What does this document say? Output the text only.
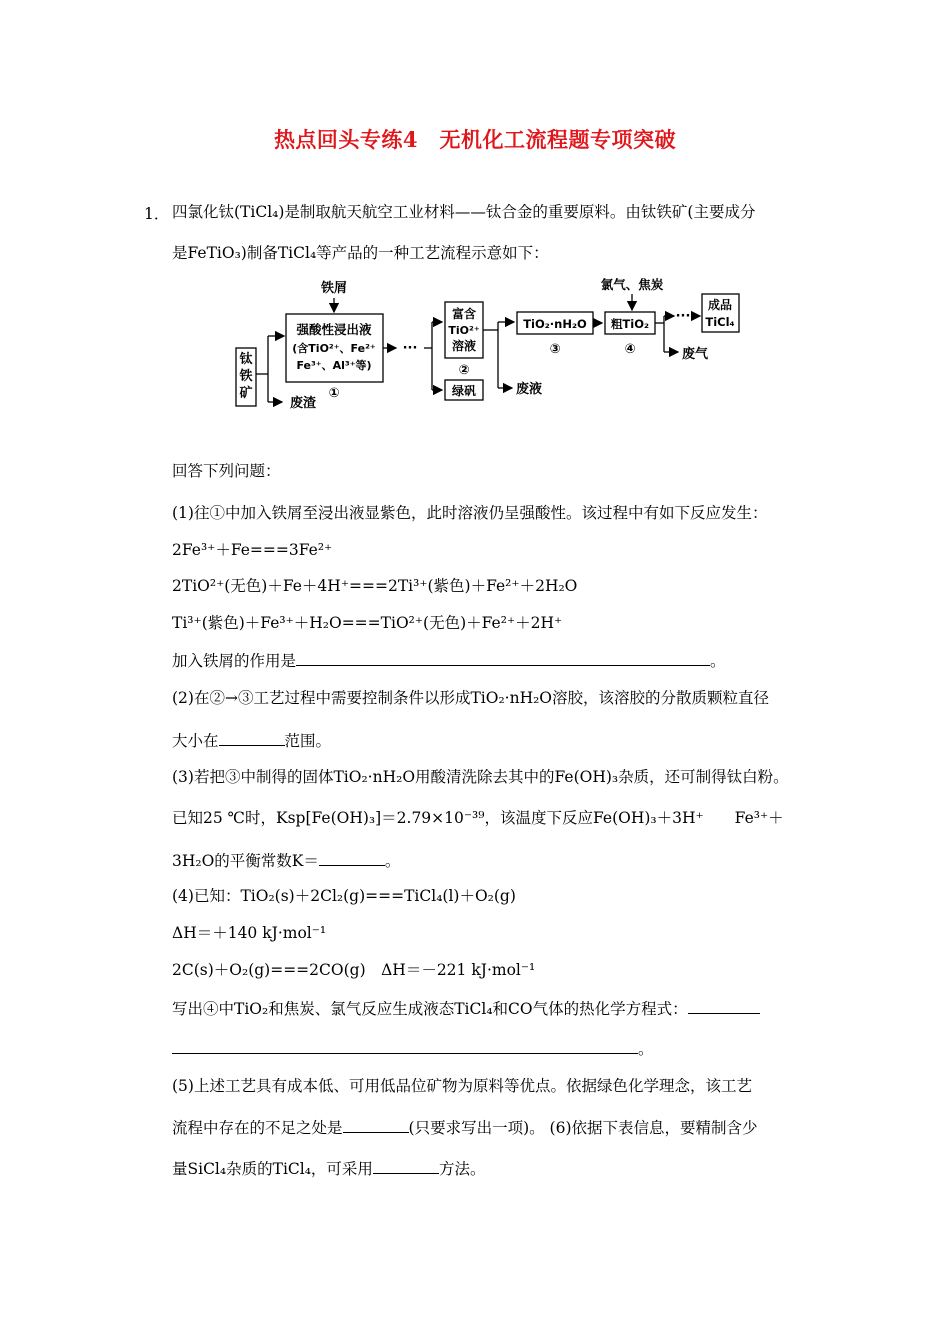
热点回头专练4　无机化工流程题专项突破
1． 四氯化钛(TiCl₄)是制取航天航空工业材料——钛合金的重要原料。由钛铁矿(主要成分
是FeTiO₃)制备TiCl₄等产品的一种工艺流程示意如下：
钛
铁
矿
铁屑
强酸性浸出液
(含TiO²⁺、Fe²⁺
Fe³⁺、Al³⁺等)
①
废渣
···
富含
TiO²⁺
溶液
②
绿矾	废液
TiO₂·nH₂O
③
氯气、焦炭
粗TiO₂
④	废气
···
成品
TiCl₄
回答下列问题：
(1)往①中加入铁屑至浸出液显紫色，此时溶液仍呈强酸性。该过程中有如下反应发生：
2Fe³⁺＋Fe===3Fe²⁺
2TiO²⁺(无色)＋Fe＋4H⁺===2Ti³⁺(紫色)＋Fe²⁺＋2H₂O
Ti³⁺(紫色)＋Fe³⁺＋H₂O===TiO²⁺(无色)＋Fe²⁺＋2H⁺
加入铁屑的作用是	。
(2)在②→③工艺过程中需要控制条件以形成TiO₂·nH₂O溶胶，该溶胶的分散质颗粒直径
大小在	范围。
(3)若把③中制得的固体TiO₂·nH₂O用酸清洗除去其中的Fe(OH)₃杂质，还可制得钛白粉。
已知25 ℃时，Ksp[Fe(OH)₃]＝2.79×10⁻³⁹，该温度下反应Fe(OH)₃＋3H⁺　　Fe³⁺＋
3H₂O的平衡常数K＝	。
(4)已知：TiO₂(s)＋2Cl₂(g)===TiCl₄(l)＋O₂(g)
ΔH＝＋140 kJ·mol⁻¹
2C(s)＋O₂(g)===2CO(g)　ΔH＝－221 kJ·mol⁻¹
写出④中TiO₂和焦炭、氯气反应生成液态TiCl₄和CO气体的热化学方程式：
。
(5)上述工艺具有成本低、可用低品位矿物为原料等优点。依据绿色化学理念，该工艺
流程中存在的不足之处是	(只要求写出一项)。 (6)依据下表信息，要精制含少
量SiCl₄杂质的TiCl₄，可采用	方法。
